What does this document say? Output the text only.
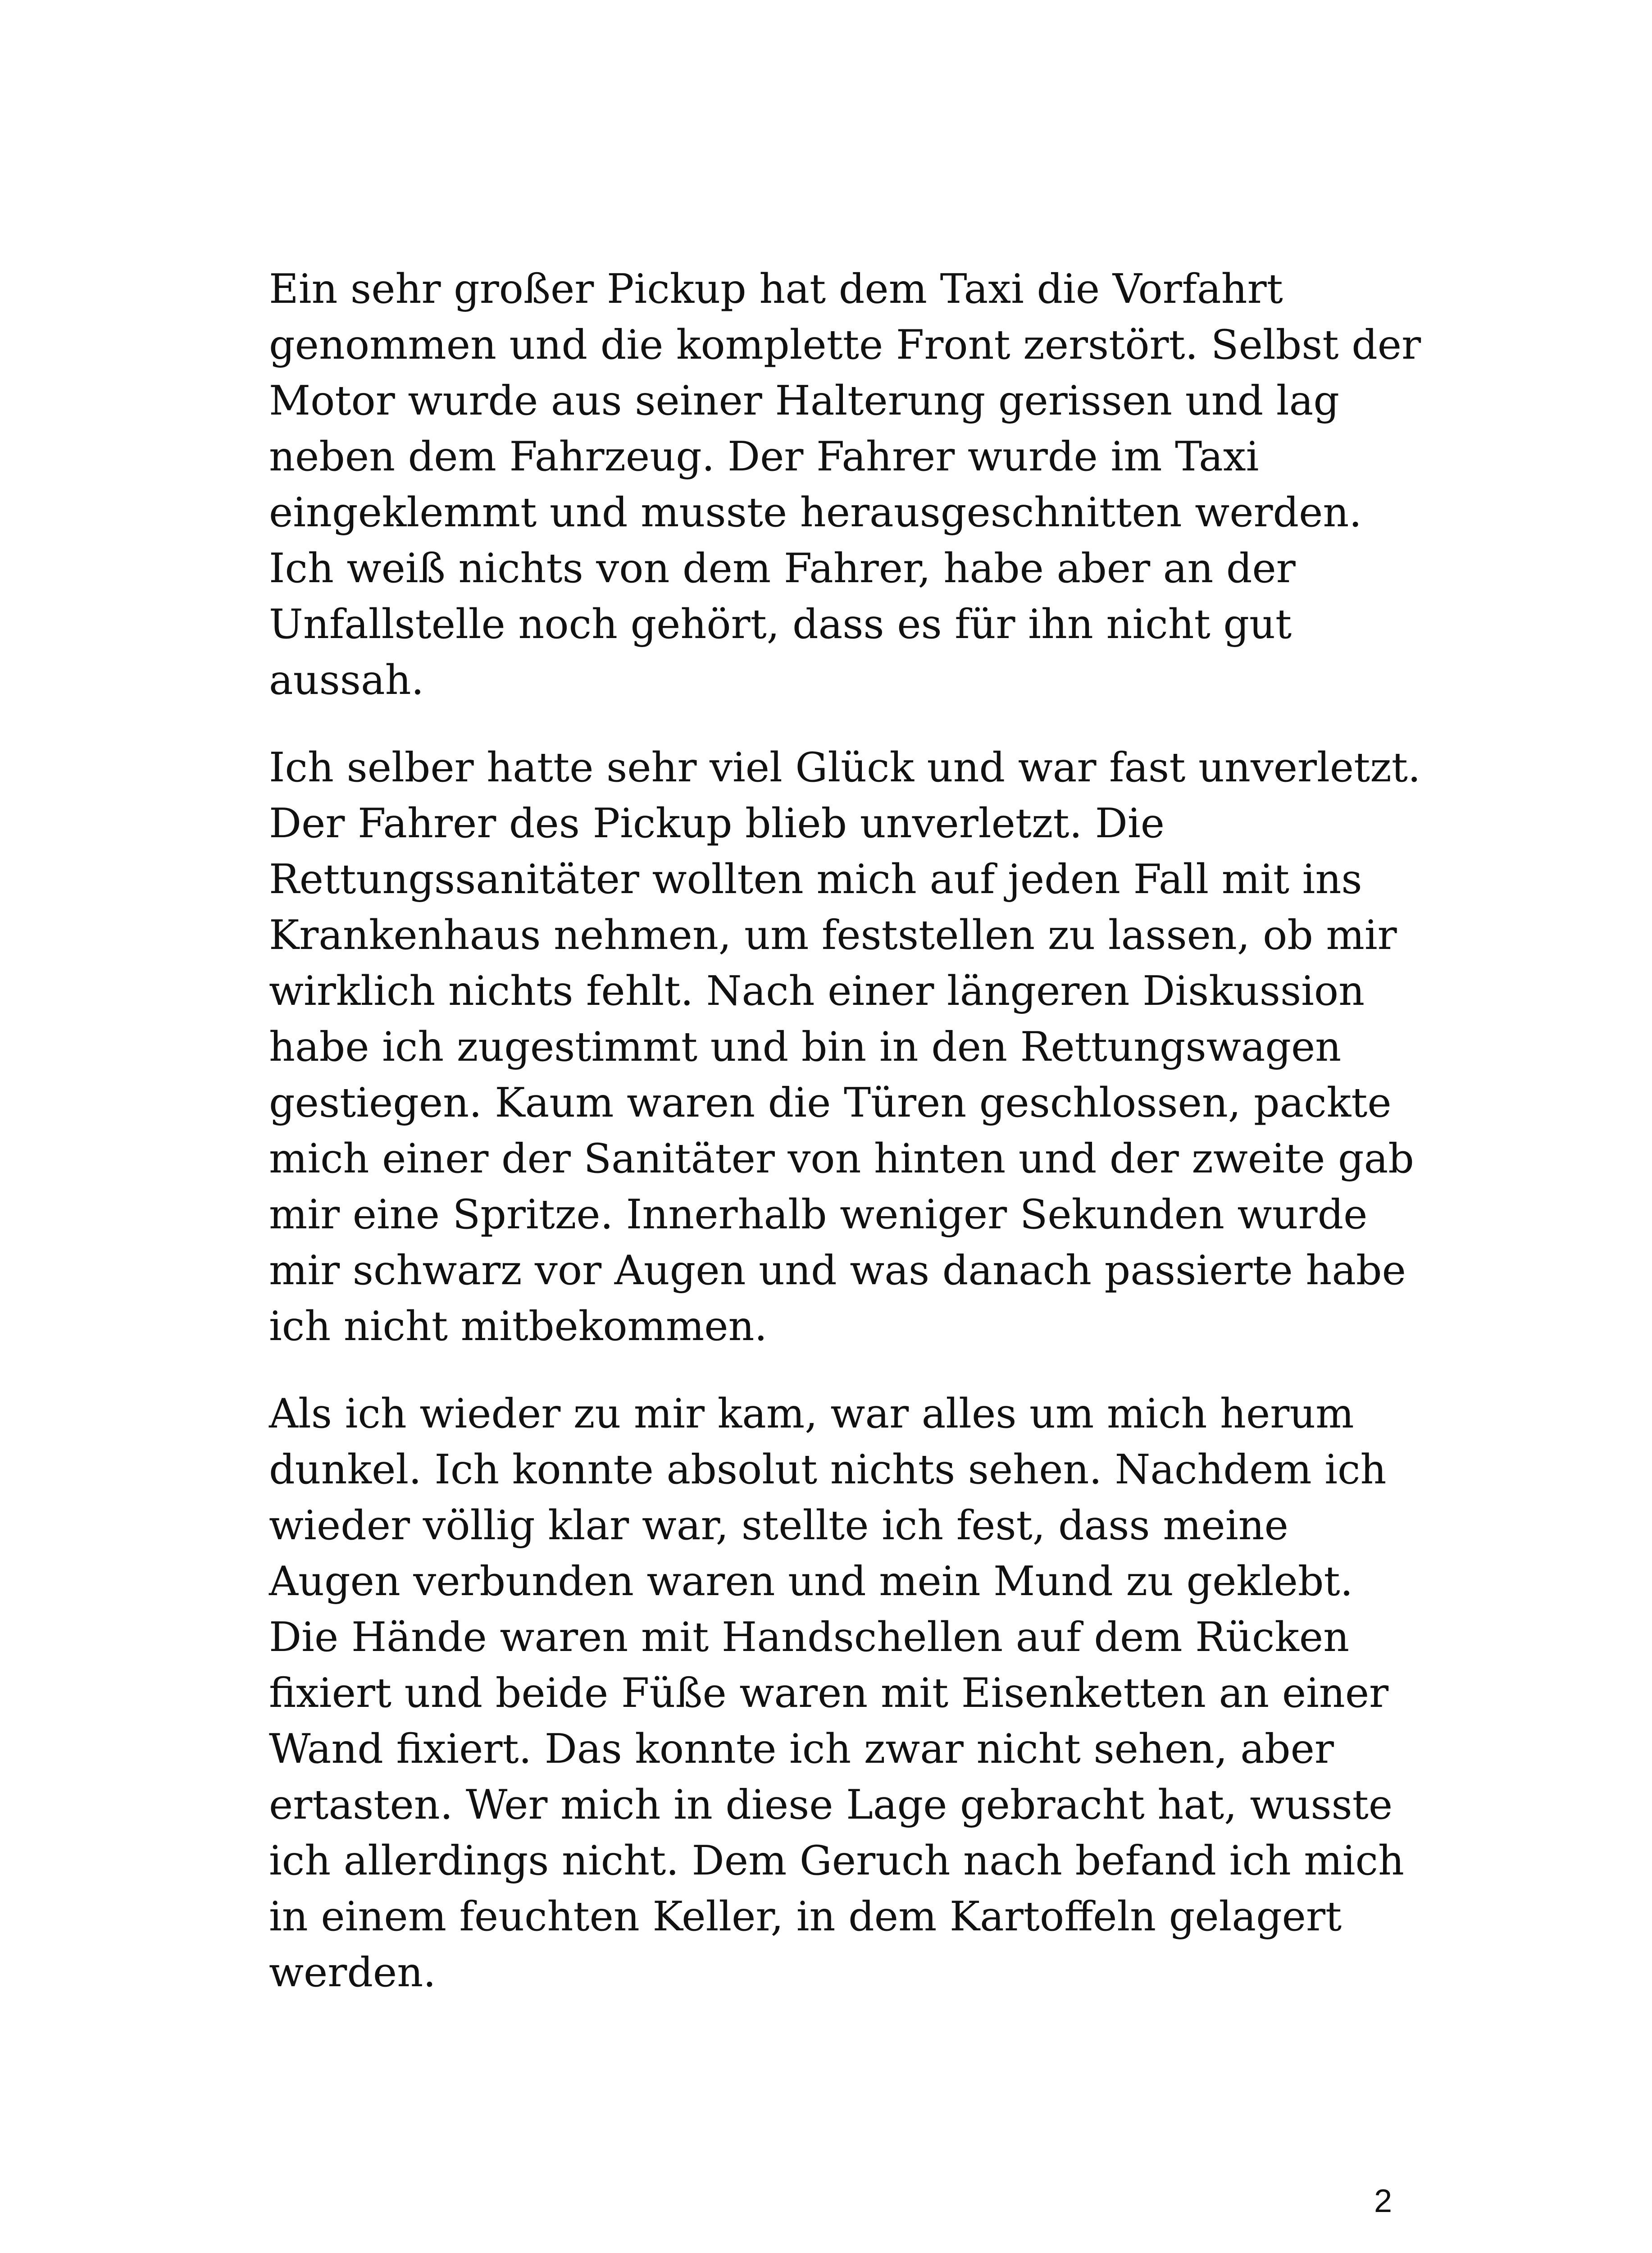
Ein sehr großer Pickup hat dem Taxi die Vorfahrt
genommen und die komplette Front zerstört. Selbst der
Motor wurde aus seiner Halterung gerissen und lag
neben dem Fahrzeug. Der Fahrer wurde im Taxi
eingeklemmt und musste herausgeschnitten werden.
Ich weiß nichts von dem Fahrer, habe aber an der
Unfallstelle noch gehört, dass es für ihn nicht gut
aussah.
Ich selber hatte sehr viel Glück und war fast unverletzt.
Der Fahrer des Pickup blieb unverletzt. Die
Rettungssanitäter wollten mich auf jeden Fall mit ins
Krankenhaus nehmen, um feststellen zu lassen, ob mir
wirklich nichts fehlt. Nach einer längeren Diskussion
habe ich zugestimmt und bin in den Rettungswagen
gestiegen. Kaum waren die Türen geschlossen, packte
mich einer der Sanitäter von hinten und der zweite gab
mir eine Spritze. Innerhalb weniger Sekunden wurde
mir schwarz vor Augen und was danach passierte habe
ich nicht mitbekommen.
Als ich wieder zu mir kam, war alles um mich herum
dunkel. Ich konnte absolut nichts sehen. Nachdem ich
wieder völlig klar war, stellte ich fest, dass meine
Augen verbunden waren und mein Mund zu geklebt.
Die Hände waren mit Handschellen auf dem Rücken
fixiert und beide Füße waren mit Eisenketten an einer
Wand fixiert. Das konnte ich zwar nicht sehen, aber
ertasten. Wer mich in diese Lage gebracht hat, wusste
ich allerdings nicht. Dem Geruch nach befand ich mich
in einem feuchten Keller, in dem Kartoffeln gelagert
werden.
2
